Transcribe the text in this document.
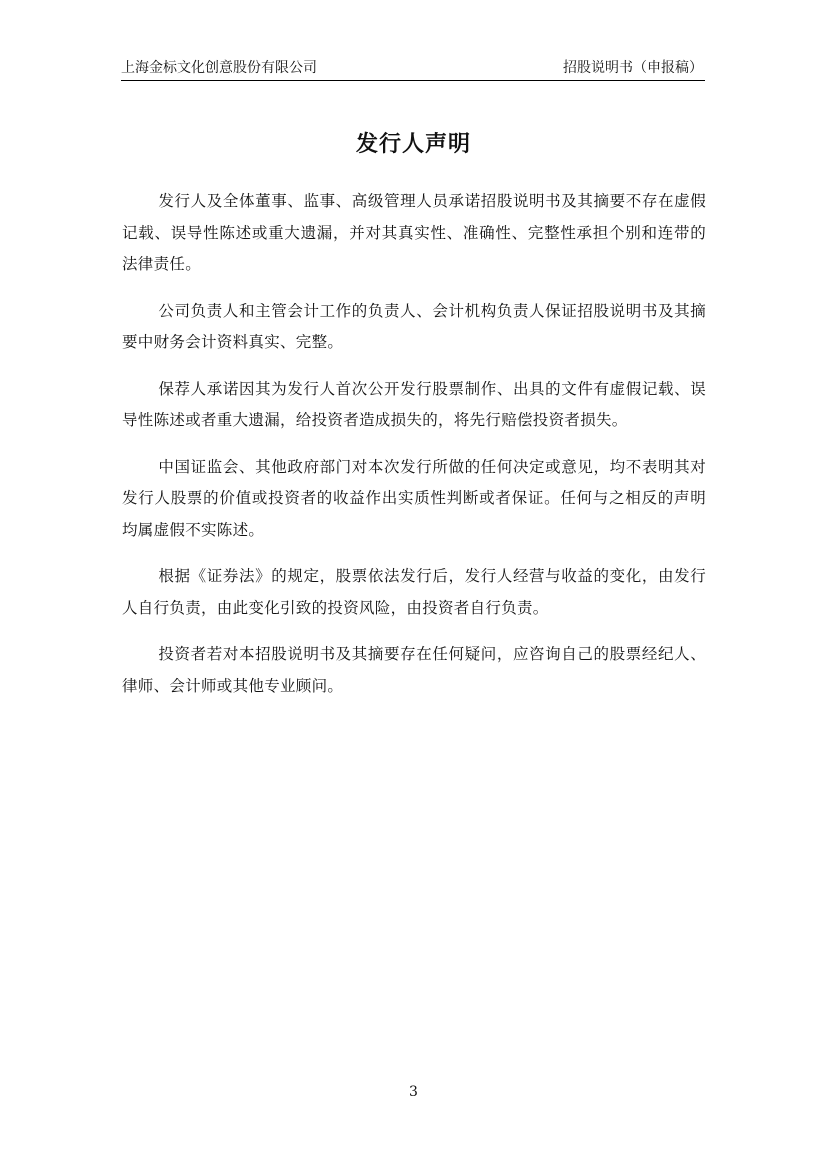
上海金标文化创意股份有限公司	招股说明书（申报稿）
发行人声明

发行人及全体董事、监事、高级管理人员承诺招股说明书及其摘要不存在虚假记载、误导性陈述或重大遗漏，并对其真实性、准确性、完整性承担个别和连带的法律责任。

公司负责人和主管会计工作的负责人、会计机构负责人保证招股说明书及其摘要中财务会计资料真实、完整。

保荐人承诺因其为发行人首次公开发行股票制作、出具的文件有虚假记载、误导性陈述或者重大遗漏，给投资者造成损失的，将先行赔偿投资者损失。

中国证监会、其他政府部门对本次发行所做的任何决定或意见，均不表明其对发行人股票的价值或投资者的收益作出实质性判断或者保证。任何与之相反的声明均属虚假不实陈述。

根据《证券法》的规定，股票依法发行后，发行人经营与收益的变化，由发行人自行负责，由此变化引致的投资风险，由投资者自行负责。

投资者若对本招股说明书及其摘要存在任何疑问，应咨询自己的股票经纪人、律师、会计师或其他专业顾问。

3
